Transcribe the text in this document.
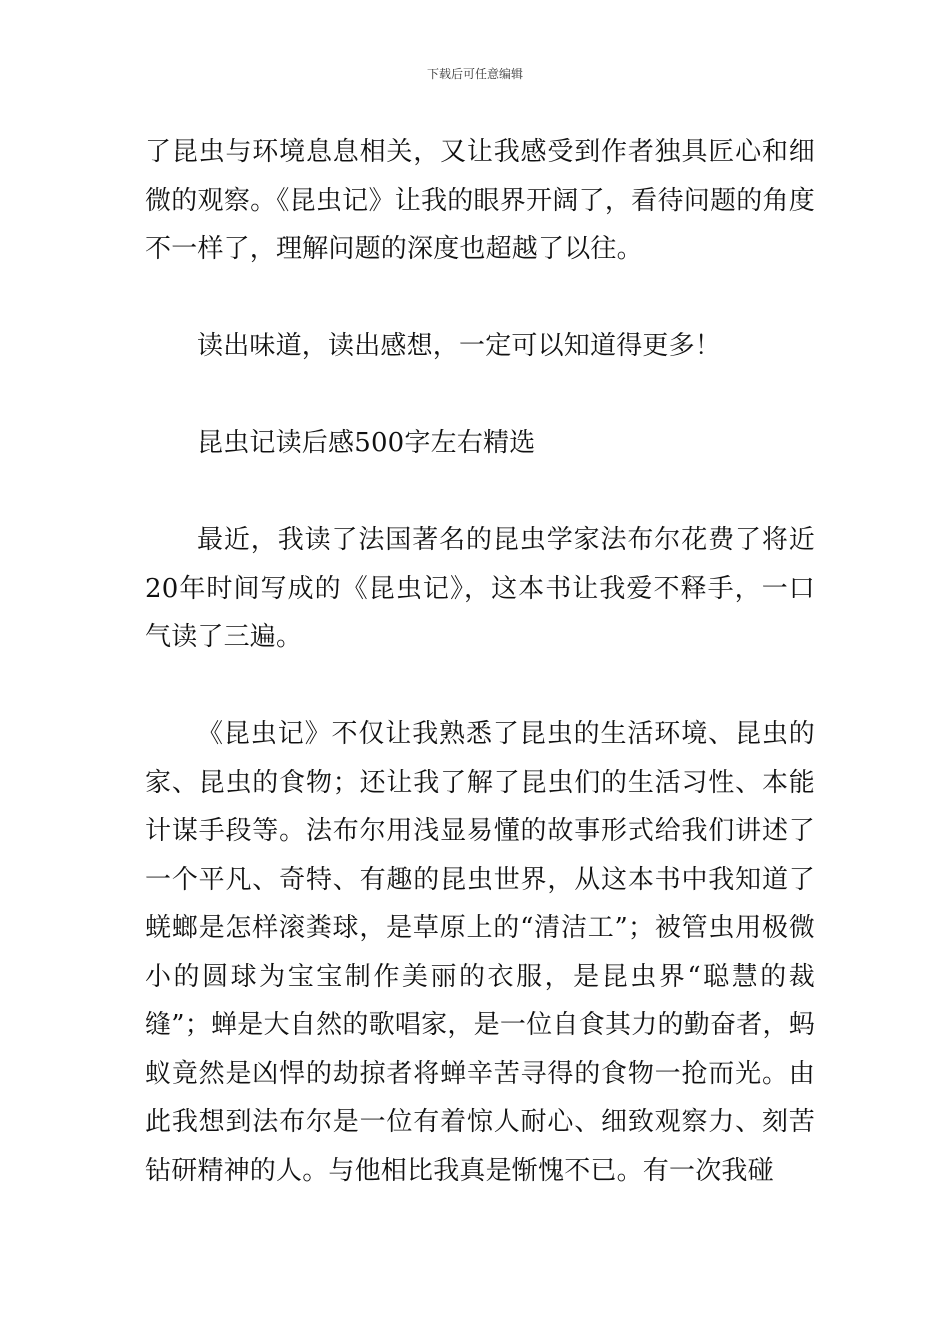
下载后可任意编辑

了昆虫与环境息息相关，又让我感受到作者独具匠心和细微的观察。《昆虫记》让我的眼界开阔了，看待问题的角度不一样了，理解问题的深度也超越了以往。

读出味道，读出感想，一定可以知道得更多！

昆虫记读后感500字左右精选

最近，我读了法国著名的昆虫学家法布尔花费了将近20年时间写成的《昆虫记》，这本书让我爱不释手，一口气读了三遍。

《昆虫记》不仅让我熟悉了昆虫的生活环境、昆虫的家、昆虫的食物；还让我了解了昆虫们的生活习性、本能计谋手段等。法布尔用浅显易懂的故事形式给我们讲述了一个平凡、奇特、有趣的昆虫世界，从这本书中我知道了蜣螂是怎样滚粪球，是草原上的“清洁工”；被管虫用极微小的圆球为宝宝制作美丽的衣服，是昆虫界“聪慧的裁缝”；蝉是大自然的歌唱家，是一位自食其力的勤奋者，蚂蚁竟然是凶悍的劫掠者将蝉辛苦寻得的食物一抢而光。由此我想到法布尔是一位有着惊人耐心、细致观察力、刻苦钻研精神的人。与他相比我真是惭愧不已。有一次我碰
